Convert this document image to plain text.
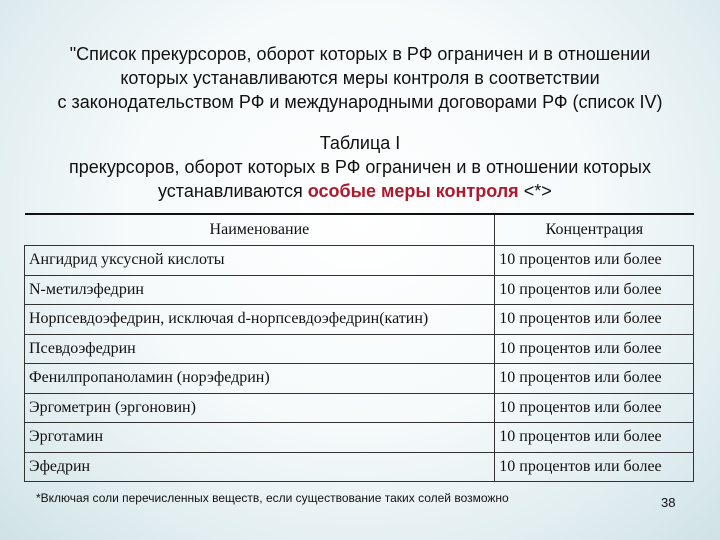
"Список прекурсоров, оборот которых в РФ ограничен и в отношении
которых устанавливаются меры контроля в соответствии
с законодательством РФ и международными договорами РФ (список IV)
Таблица I
прекурсоров, оборот которых в РФ ограничен и в отношении которых
устанавливаются особые меры контроля <*>
Наименование	Концентрация
Ангидрид уксусной кислоты	10 процентов или более
N-метилэфедрин	10 процентов или более
Норпсевдоэфедрин, исключая d-норпсевдоэфедрин(катин)	10 процентов или более
Псевдоэфедрин	10 процентов или более
Фенилпропаноламин (норэфедрин)	10 процентов или более
Эргометрин (эргоновин)	10 процентов или более
Эрготамин	10 процентов или более
Эфедрин	10 процентов или более
*Включая соли перечисленных веществ, если существование таких солей возможно	38
